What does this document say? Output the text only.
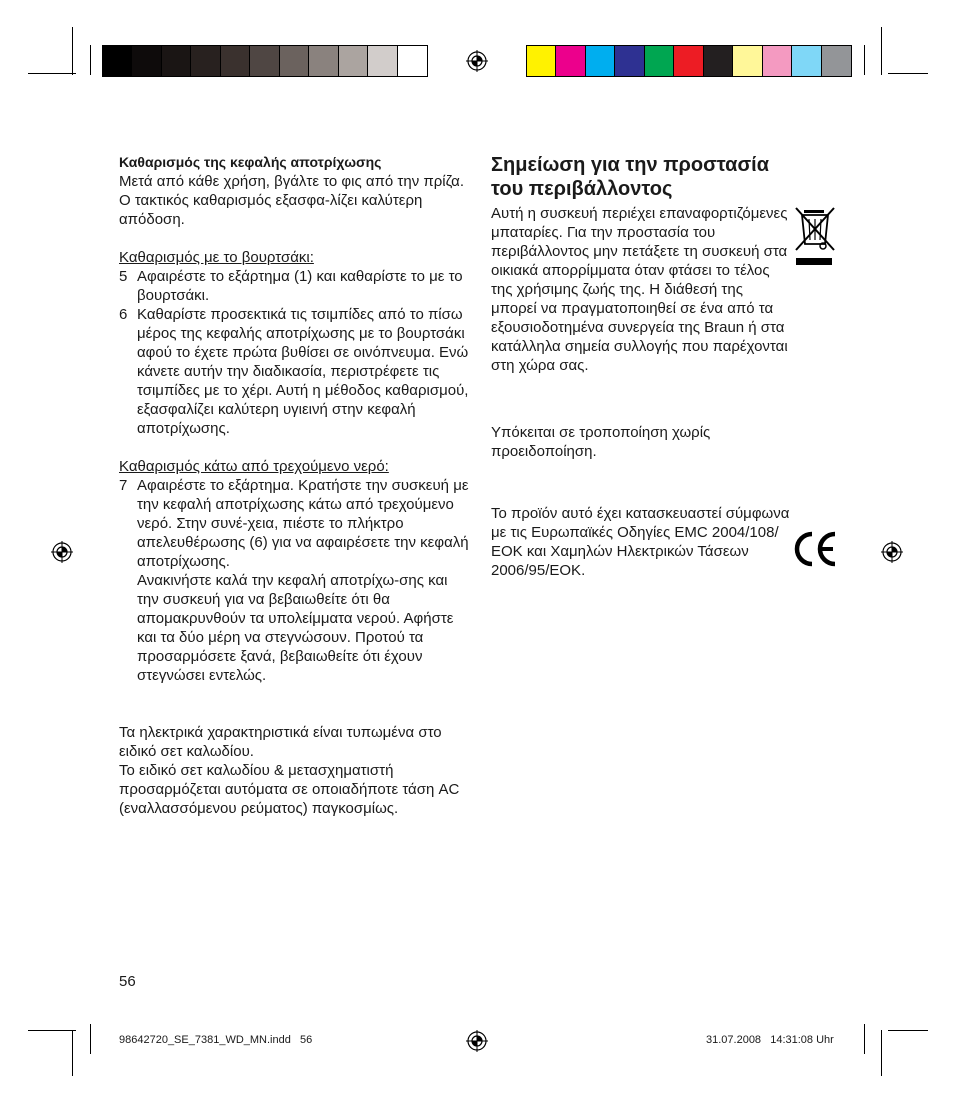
Καθαρισμός της κεφαλής αποτρίχωσης

Μετά από κάθε χρήση, βγάλτε το φις από την πρίζα. Ο τακτικός καθαρισμός εξασφα-λίζει καλύτερη απόδοση.

Καθαρισμός με το βουρτσάκι:

5 Αφαιρέστε το εξάρτημα (1) και καθαρίστε το με το βουρτσάκι.
6 Καθαρίστε προσεκτικά τις τσιμπίδες από το πίσω μέρος της κεφαλής αποτρίχωσης με το βουρτσάκι αφού το έχετε πρώτα βυθίσει σε οινόπνευμα. Ενώ κάνετε αυτήν την διαδικασία, περιστρέφετε τις τσιμπίδες με το χέρι. Αυτή η μέθοδος καθαρισμού, εξασφαλίζει καλύτερη υγιεινή στην κεφαλή αποτρίχωσης.

Καθαρισμός κάτω από τρεχούμενο νερό:

7 Αφαιρέστε το εξάρτημα. Κρατήστε την συσκευή με την κεφαλή αποτρίχωσης κάτω από τρεχούμενο νερό. Στην συνέ-χεια, πιέστε το πλήκτρο απελευθέρωσης (6) για να αφαιρέσετε την κεφαλή αποτρίχωσης.
Ανακινήστε καλά την κεφαλή αποτρίχω-σης και την συσκευή για να βεβαιωθείτε ότι θα απομακρυνθούν τα υπολείμματα νερού. Αφήστε και τα δύο μέρη να στεγνώσουν. Προτού τα προσαρμόσετε ξανά, βεβαιωθείτε ότι έχουν στεγνώσει εντελώς.

Τα ηλεκτρικά χαρακτηριστικά είναι τυπωμένα στο ειδικό σετ καλωδίου.

Το ειδικό σετ καλωδίου & μετασχηματιστή προσαρμόζεται αυτόματα σε οποιαδήποτε τάση AC (εναλλασσόμενου ρεύματος) παγκοσμίως.

Σημείωση για την προστασία του περιβάλλοντος

Αυτή η συσκευή περιέχει επαναφορτιζόμενες μπαταρίες. Για την προστασία του περιβάλλοντος μην πετάξετε τη συσκευή στα οικιακά απορρίμματα όταν φτάσει το τέλος της χρήσιμης ζωής της. Η διάθεσή της μπορεί να πραγματοποιηθεί σε ένα από τα εξουσιοδοτημένα συνεργεία της Braun ή στα κατάλληλα σημεία συλλογής που παρέχονται στη χώρα σας.

Υπόκειται σε τροποποίηση χωρίς προειδοποίηση.

Το προϊόν αυτό έχει κατασκευαστεί σύμφωνα με τις Ευρωπαϊκές Οδηγίες EMC 2004/108/ΕΟΚ και Χαμηλών Ηλεκτρικών Τάσεων 2006/95/ΕΟΚ.

56
98642720_SE_7381_WD_MN.indd   56	31.07.2008   14:31:08 Uhr
